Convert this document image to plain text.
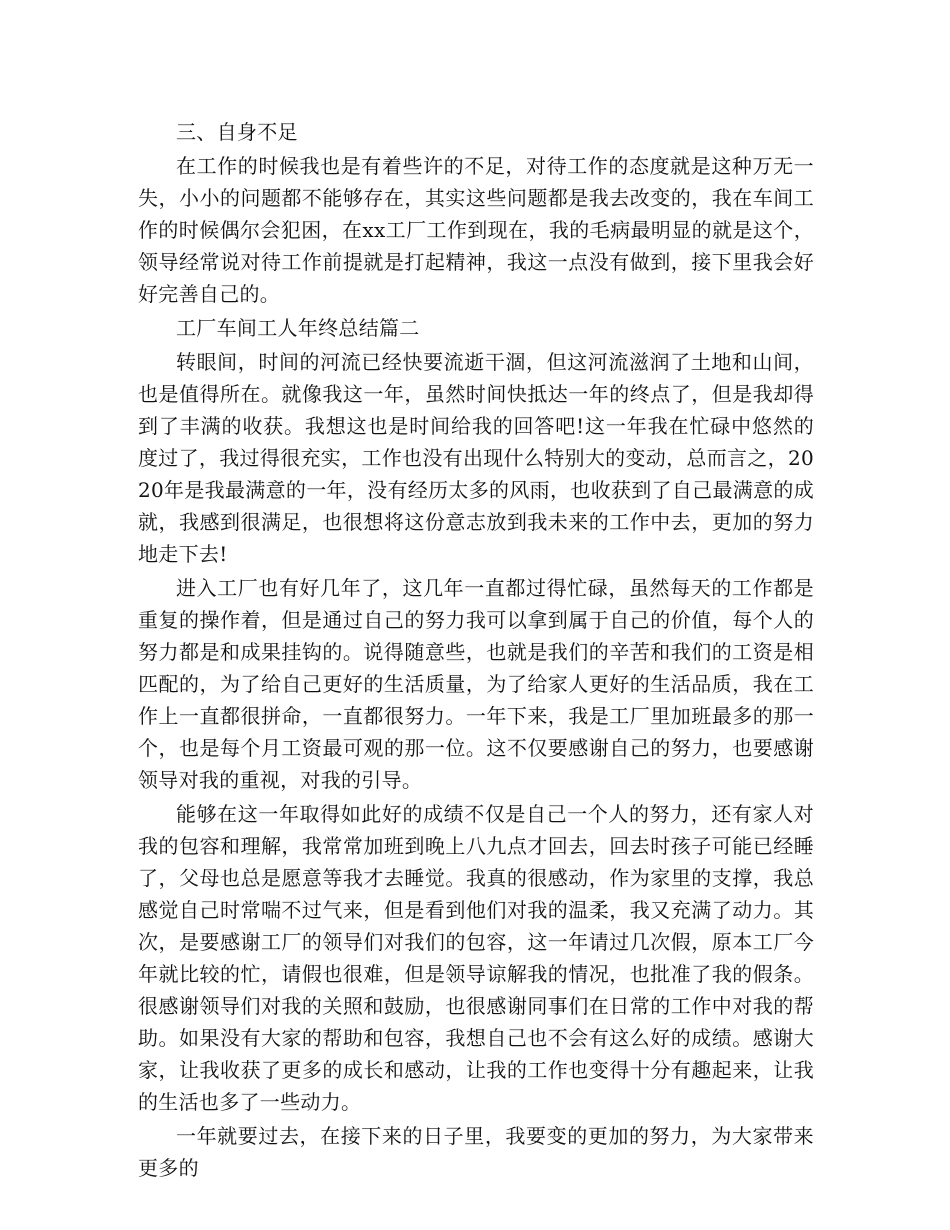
三、自身不足

在工作的时候我也是有着些许的不足，对待工作的态度就是这种万无一失，小小的问题都不能够存在，其实这些问题都是我去改变的，我在车间工作的时候偶尔会犯困，在xx工厂工作到现在，我的毛病最明显的就是这个，领导经常说对待工作前提就是打起精神，我这一点没有做到，接下里我会好好完善自己的。

工厂车间工人年终总结篇二

转眼间，时间的河流已经快要流逝干涸，但这河流滋润了土地和山间，也是值得所在。就像我这一年，虽然时间快抵达一年的终点了，但是我却得到了丰满的收获。我想这也是时间给我的回答吧!这一年我在忙碌中悠然的度过了，我过得很充实，工作也没有出现什么特别大的变动，总而言之，2020年是我最满意的一年，没有经历太多的风雨，也收获到了自己最满意的成就，我感到很满足，也很想将这份意志放到我未来的工作中去，更加的努力地走下去!

进入工厂也有好几年了，这几年一直都过得忙碌，虽然每天的工作都是重复的操作着，但是通过自己的努力我可以拿到属于自己的价值，每个人的努力都是和成果挂钩的。说得随意些，也就是我们的辛苦和我们的工资是相匹配的，为了给自己更好的生活质量，为了给家人更好的生活品质，我在工作上一直都很拼命，一直都很努力。一年下来，我是工厂里加班最多的那一个，也是每个月工资最可观的那一位。这不仅要感谢自己的努力，也要感谢领导对我的重视，对我的引导。

能够在这一年取得如此好的成绩不仅是自己一个人的努力，还有家人对我的包容和理解，我常常加班到晚上八九点才回去，回去时孩子可能已经睡了，父母也总是愿意等我才去睡觉。我真的很感动，作为家里的支撑，我总感觉自己时常喘不过气来，但是看到他们对我的温柔，我又充满了动力。其次，是要感谢工厂的领导们对我们的包容，这一年请过几次假，原本工厂今年就比较的忙，请假也很难，但是领导谅解我的情况，也批准了我的假条。很感谢领导们对我的关照和鼓励，也很感谢同事们在日常的工作中对我的帮助。如果没有大家的帮助和包容，我想自己也不会有这么好的成绩。感谢大家，让我收获了更多的成长和感动，让我的工作也变得十分有趣起来，让我的生活也多了一些动力。

一年就要过去，在接下来的日子里，我要变的更加的努力，为大家带来更多的
